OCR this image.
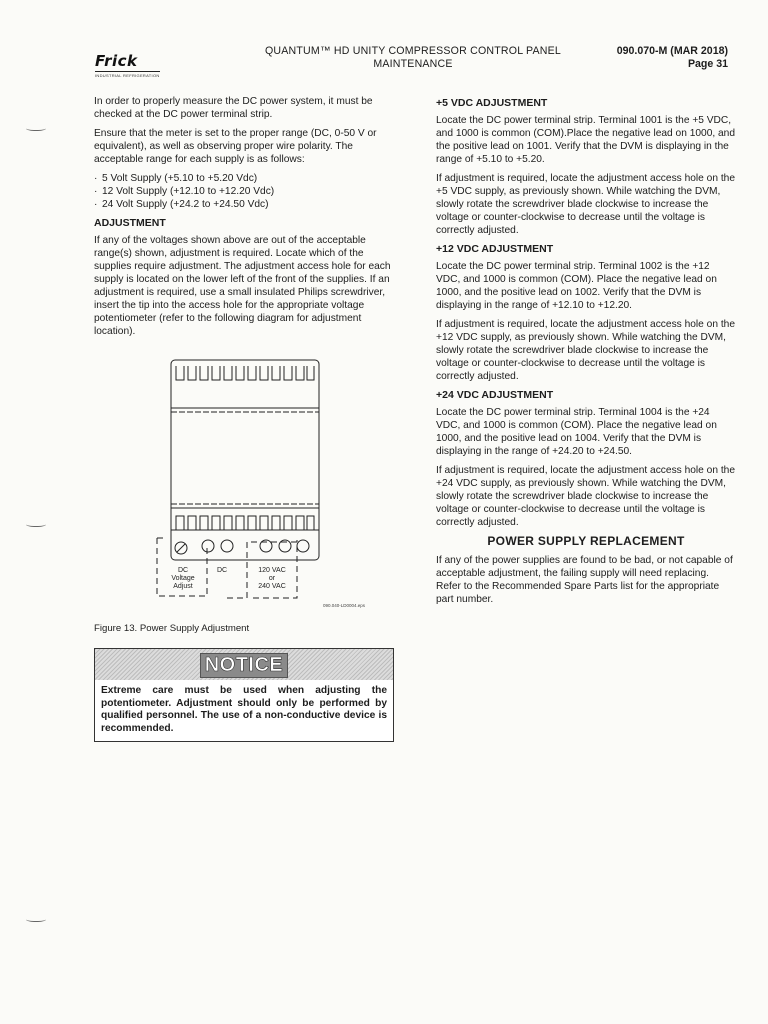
Frick
INDUSTRIAL REFRIGERATION
QUANTUM™ HD UNITY COMPRESSOR CONTROL PANEL
MAINTENANCE
090.070-M (MAR 2018)
Page 31

In order to properly measure the DC power system, it must be checked at the DC power terminal strip.

Ensure that the meter is set to the proper range (DC, 0-50 V or equivalent), as well as observing proper wire polarity. The acceptable range for each supply is as follows:

· 5 Volt Supply (+5.10 to +5.20 Vdc)
· 12 Volt Supply (+12.10 to +12.20 Vdc)
· 24 Volt Supply (+24.2 to +24.50 Vdc)
ADJUSTMENT

If any of the voltages shown above are out of the acceptable range(s) shown, adjustment is required. Locate which of the supplies require adjustment. The adjustment access hole for each supply is located on the lower left of the front of the supplies. If an adjustment is required, use a small insulated Philips screwdriver, insert the tip into the access hole for the appropriate voltage potentiometer (refer to the following diagram for adjustment location).

DC
Voltage
Adjust
DC	120 VAC
or
240 VAC
090.040-LD0004.eps
Figure 13. Power Supply Adjustment
NOTICE
Extreme care must be used when adjusting the potentiometer. Adjustment should only be performed by qualified personnel. The use of a non-conductive device is recommended.
+5 VDC ADJUSTMENT

Locate the DC power terminal strip. Terminal 1001 is the +5 VDC, and 1000 is common (COM).Place the negative lead on 1000, and the positive lead on 1001. Verify that the DVM is displaying in the range of +5.10 to +5.20.

If adjustment is required, locate the adjustment access hole on the +5 VDC supply, as previously shown. While watching the DVM, slowly rotate the screwdriver blade clockwise to increase the voltage or counter-clockwise to decrease until the voltage is correctly adjusted.

+12 VDC ADJUSTMENT

Locate the DC power terminal strip. Terminal 1002 is the +12 VDC, and 1000 is common (COM). Place the negative lead on 1000, and the positive lead on 1002. Verify that the DVM is displaying in the range of +12.10 to +12.20.

If adjustment is required, locate the adjustment access hole on the +12 VDC supply, as previously shown. While watching the DVM, slowly rotate the screwdriver blade clockwise to increase the voltage or counter-clockwise to decrease until the voltage is correctly adjusted.

+24 VDC ADJUSTMENT

Locate the DC power terminal strip. Terminal 1004 is the +24 VDC, and 1000 is common (COM). Place the negative lead on 1000, and the positive lead on 1004. Verify that the DVM is displaying in the range of +24.20 to +24.50.

If adjustment is required, locate the adjustment access hole on the +24 VDC supply, as previously shown. While watching the DVM, slowly rotate the screwdriver blade clockwise to increase the voltage or counter-clockwise to decrease until the voltage is correctly adjusted.

POWER SUPPLY REPLACEMENT

If any of the power supplies are found to be bad, or not capable of acceptable adjustment, the failing supply will need replacing. Refer to the Recommended Spare Parts list for the appropriate part number.
